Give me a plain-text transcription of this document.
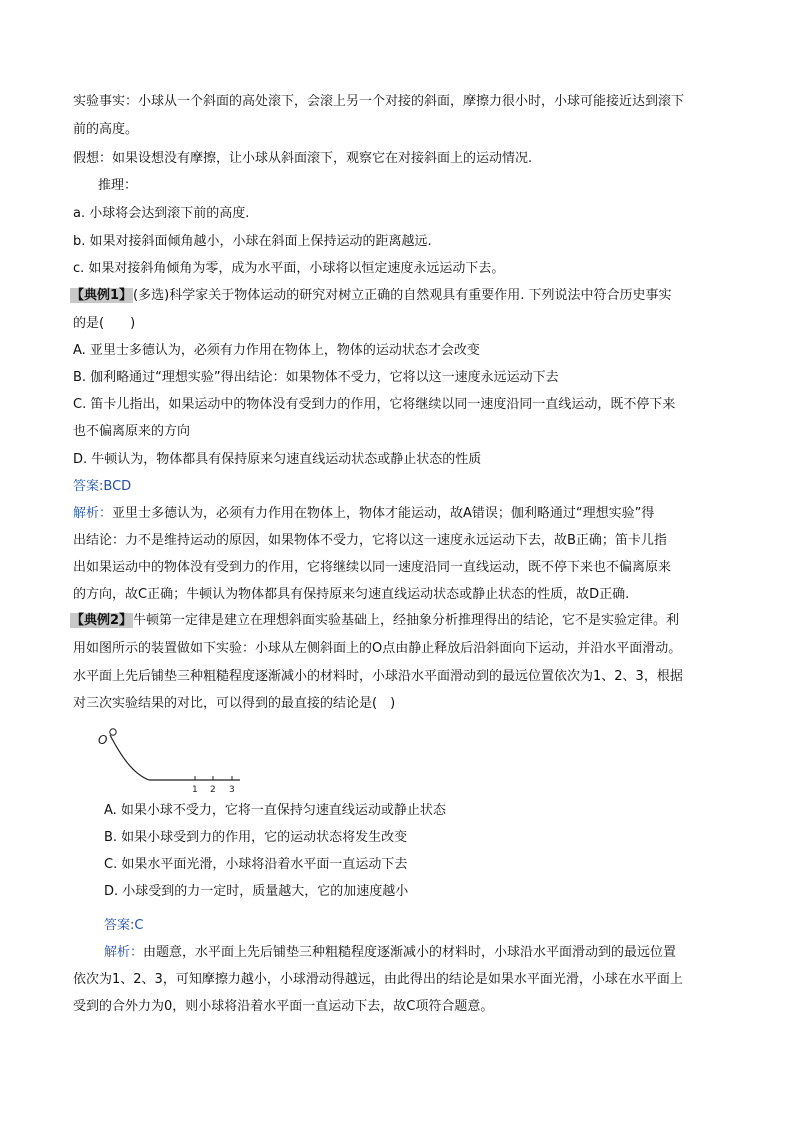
实验事实：小球从一个斜面的高处滚下，会滚上另一个对接的斜面，摩擦力很小时，小球可能接近达到滚下
前的高度。
假想：如果设想没有摩擦，让小球从斜面滚下，观察它在对接斜面上的运动情况.
推理：
a. 小球将会达到滚下前的高度.
b. 如果对接斜面倾角越小，小球在斜面上保持运动的距离越远.
c. 如果对接斜角倾角为零，成为水平面，小球将以恒定速度永远运动下去。
【典例1】(多选)科学家关于物体运动的研究对树立正确的自然观具有重要作用. 下列说法中符合历史事实
的是(　　)
A. 亚里士多德认为，必须有力作用在物体上，物体的运动状态才会改变
B. 伽利略通过“理想实验”得出结论：如果物体不受力，它将以这一速度永远运动下去
C. 笛卡儿指出，如果运动中的物体没有受到力的作用，它将继续以同一速度沿同一直线运动，既不停下来
也不偏离原来的方向
D. 牛顿认为，物体都具有保持原来匀速直线运动状态或静止状态的性质
答案:BCD
解析：亚里士多德认为，必须有力作用在物体上，物体才能运动，故A错误；伽利略通过“理想实验”得
出结论：力不是维持运动的原因，如果物体不受力，它将以这一速度永远运动下去，故B正确；笛卡儿指
出如果运动中的物体没有受到力的作用，它将继续以同一速度沿同一直线运动，既不停下来也不偏离原来
的方向，故C正确；牛顿认为物体都具有保持原来匀速直线运动状态或静止状态的性质，故D正确.
【典例2】牛顿第一定律是建立在理想斜面实验基础上，经抽象分析推理得出的结论，它不是实验定律。利
用如图所示的装置做如下实验：小球从左侧斜面上的O点由静止释放后沿斜面向下运动，并沿水平面滑动。
水平面上先后铺垫三种粗糙程度逐渐减小的材料时，小球沿水平面滑动到的最远位置依次为1、2、3，根据
对三次实验结果的对比，可以得到的最直接的结论是(　)
O
1 2 3
A. 如果小球不受力，它将一直保持匀速直线运动或静止状态
B. 如果小球受到力的作用，它的运动状态将发生改变
C. 如果水平面光滑，小球将沿着水平面一直运动下去
D. 小球受到的力一定时，质量越大，它的加速度越小
答案:C
解析：由题意，水平面上先后铺垫三种粗糙程度逐渐减小的材料时，小球沿水平面滑动到的最远位置
依次为1、2、3，可知摩擦力越小，小球滑动得越远，由此得出的结论是如果水平面光滑，小球在水平面上
受到的合外力为0，则小球将沿着水平面一直运动下去，故C项符合题意。
